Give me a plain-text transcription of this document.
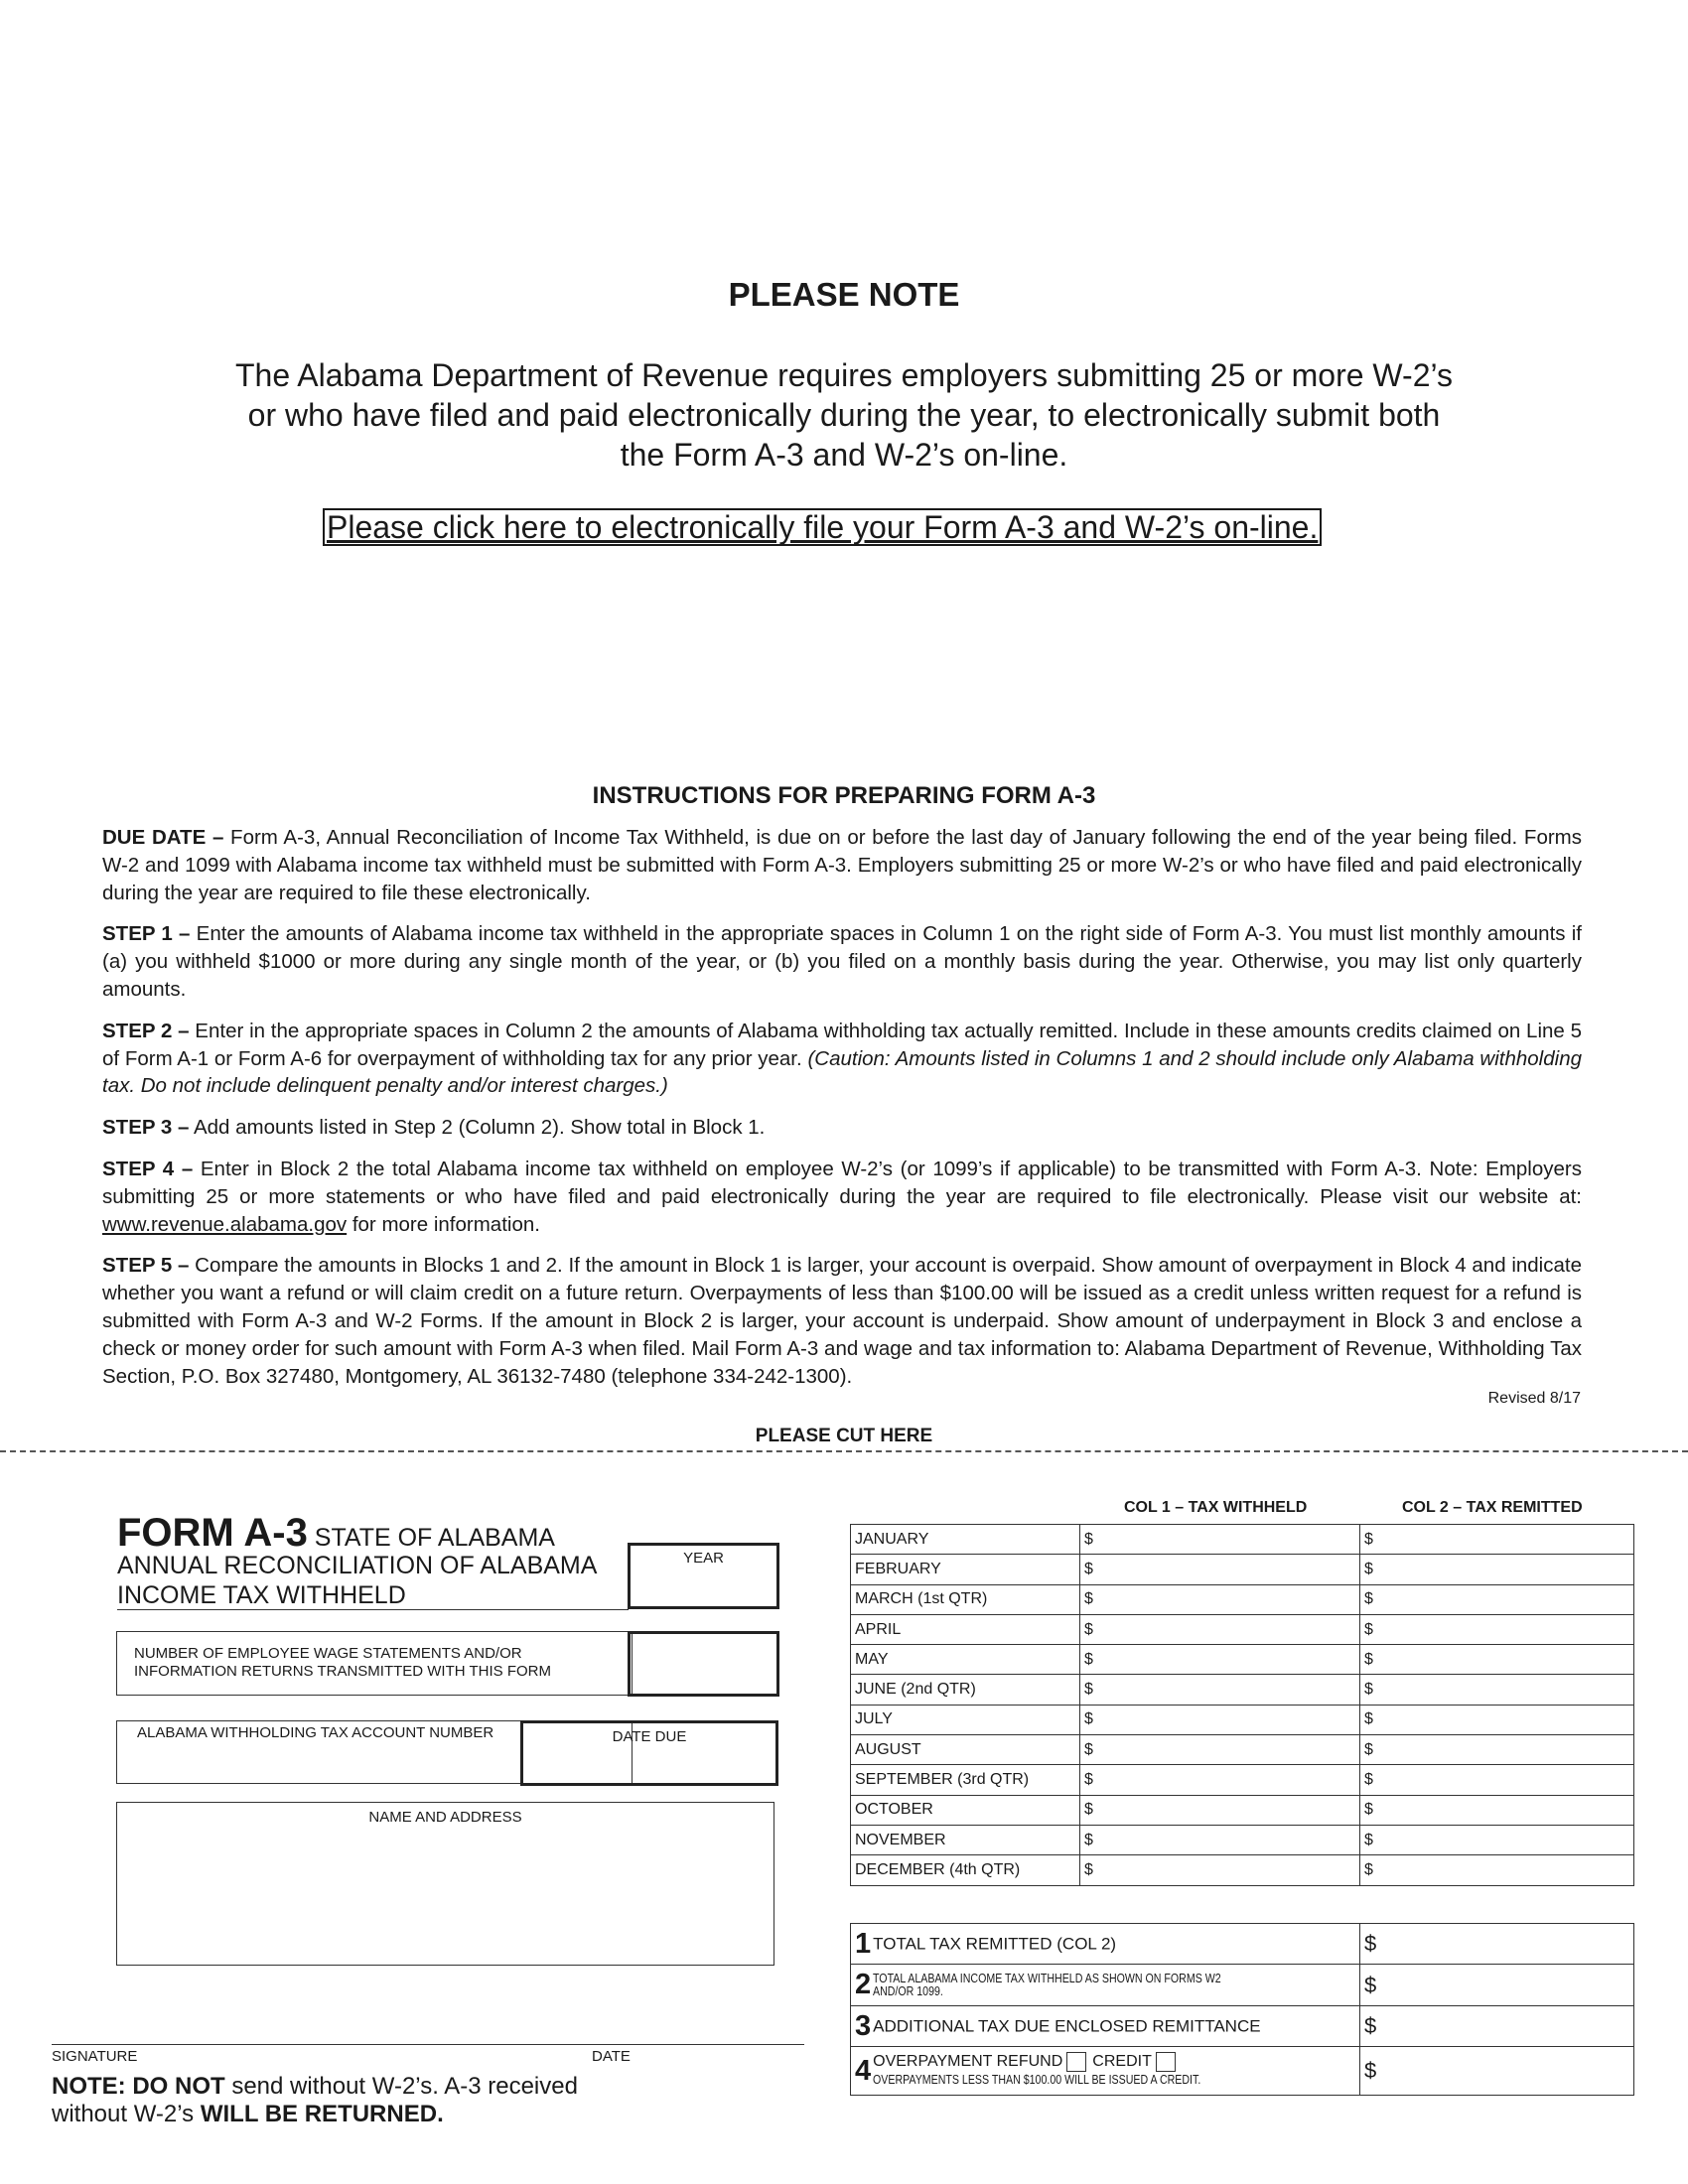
PLEASE NOTE
The Alabama Department of Revenue requires employers submitting 25 or more W-2’s
or who have filed and paid electronically during the year, to electronically submit both
the Form A-3 and W-2’s on-line.
Please click here to electronically file your Form A-3 and W-2’s on-line.
INSTRUCTIONS FOR PREPARING FORM A-3

DUE DATE – Form A-3, Annual Reconciliation of Income Tax Withheld, is due on or before the last day of January following the end of the year being filed. Forms W-2 and 1099 with Alabama income tax withheld must be submitted with Form A-3. Employers submitting 25 or more W-2’s or who have filed and paid electronically during the year are required to file these electronically.

STEP 1 – Enter the amounts of Alabama income tax withheld in the appropriate spaces in Column 1 on the right side of Form A-3. You must list monthly amounts if (a) you withheld $1000 or more during any single month of the year, or (b) you filed on a monthly basis during the year. Otherwise, you may list only quarterly amounts.

STEP 2 – Enter in the appropriate spaces in Column 2 the amounts of Alabama withholding tax actually remitted. Include in these amounts credits claimed on Line 5 of Form A-1 or Form A-6 for overpayment of withholding tax for any prior year. (Caution: Amounts listed in Columns 1 and 2 should include only Alabama withholding tax. Do not include delinquent penalty and/or interest charges.)

STEP 3 – Add amounts listed in Step 2 (Column 2). Show total in Block 1.

STEP 4 – Enter in Block 2 the total Alabama income tax withheld on employee W-2’s (or 1099’s if applicable) to be transmitted with Form A-3. Note: Employers submitting 25 or more statements or who have filed and paid electronically during the year are required to file electronically. Please visit our website at: www.revenue.alabama.gov for more information.

STEP 5 – Compare the amounts in Blocks 1 and 2. If the amount in Block 1 is larger, your account is overpaid. Show amount of overpayment in Block 4 and indicate whether you want a refund or will claim credit on a future return. Overpayments of less than $100.00 will be issued as a credit unless written request for a refund is submitted with Form A-3 and W-2 Forms. If the amount in Block 2 is larger, your account is underpaid. Show amount of underpayment in Block 3 and enclose a check or money order for such amount with Form A-3 when filed. Mail Form A-3 and wage and tax information to: Alabama Department of Revenue, Withholding Tax Section, P.O. Box 327480, Montgomery, AL 36132-7480 (telephone 334-242-1300).

Revised 8/17
PLEASE CUT HERE
FORM A-3 STATE OF ALABAMA
ANNUAL RECONCILIATION OF ALABAMA
INCOME TAX WITHHELD
YEAR
NUMBER OF EMPLOYEE WAGE STATEMENTS AND/OR
INFORMATION RETURNS TRANSMITTED WITH THIS FORM
ALABAMA WITHHOLDING TAX ACCOUNT NUMBER	DATE DUE
NAME AND ADDRESS
SIGNATURE	DATE
NOTE: DO NOT send without W-2’s. A-3 received
without W-2’s WILL BE RETURNED.
COL 1 – TAX WITHHELD	COL 2 – TAX REMITTED
JANUARY	$	$
FEBRUARY	$	$
MARCH (1st QTR)	$	$
APRIL	$	$
MAY	$	$
JUNE (2nd QTR)	$	$
JULY	$	$
AUGUST	$	$
SEPTEMBER (3rd QTR)	$	$
OCTOBER	$	$
NOVEMBER	$	$
DECEMBER (4th QTR)	$	$
1 TOTAL TAX REMITTED (COL 2)	$
2 TOTAL ALABAMA INCOME TAX WITHHELD AS SHOWN ON FORMS W2
AND/OR 1099.	$
3 ADDITIONAL TAX DUE ENCLOSED REMITTANCE	$
4 OVERPAYMENT REFUND CREDIT
OVERPAYMENTS LESS THAN $100.00 WILL BE ISSUED A CREDIT.	$
